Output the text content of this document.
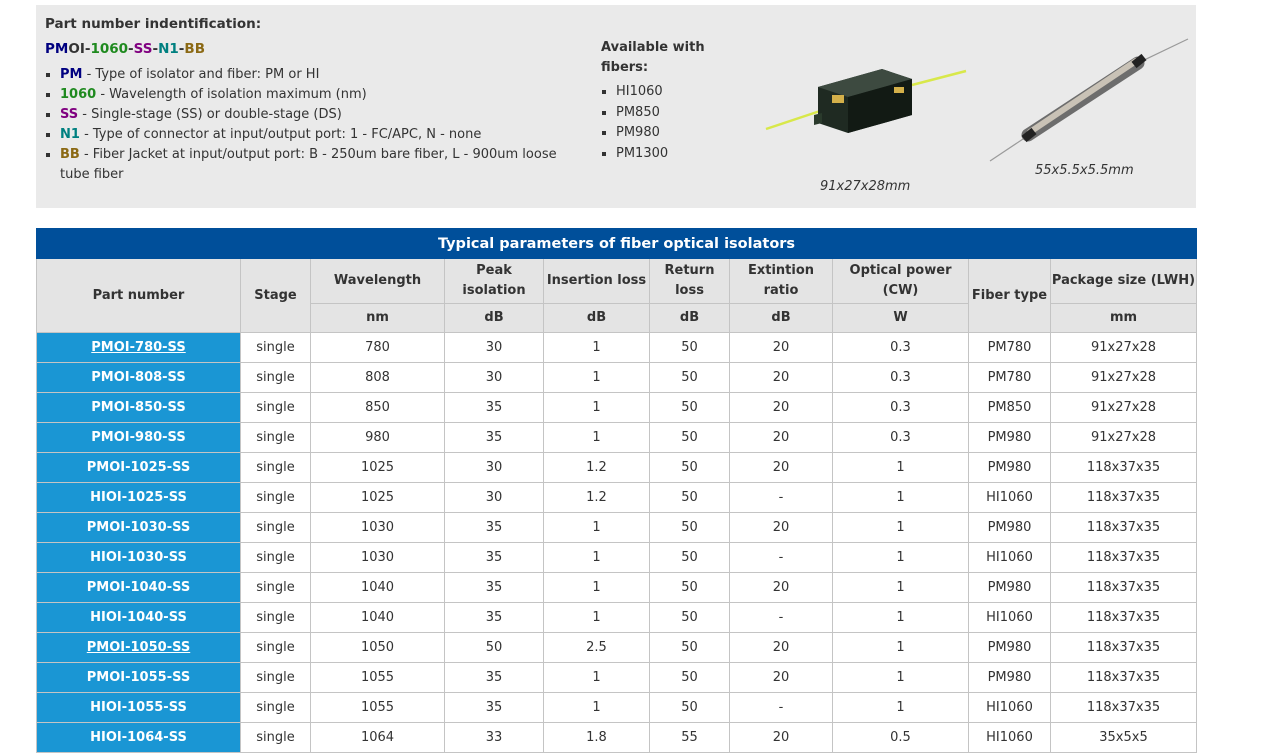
Part number indentification:
PMOI-1060-SS-N1-BB
PM - Type of isolator and fiber: PM or HI
1060 - Wavelength of isolation maximum (nm)
SS - Single-stage (SS) or double-stage (DS)
N1 - Type of connector at input/output port: 1 - FC/APC, N - none
BB - Fiber Jacket at input/output port: B - 250um bare fiber, L - 900um loose tube fiber
Available with fibers:
HI1060
PM850
PM980
PM1300
91x27x28mm
55x5.5x5.5mm
Typical parameters of fiber optical isolators									
Part number	Stage	Wavelength	Peak isolation	Insertion loss	Return loss	Extintion ratio	Optical power (CW)	Fiber type	Package size (LWH)
		nm	dB	dB	dB	dB	W		mm
PMOI-780-SS	single	780	30	1	50	20	0.3	PM780	91x27x28
PMOI-808-SS	single	808	30	1	50	20	0.3	PM780	91x27x28
PMOI-850-SS	single	850	35	1	50	20	0.3	PM850	91x27x28
PMOI-980-SS	single	980	35	1	50	20	0.3	PM980	91x27x28
PMOI-1025-SS	single	1025	30	1.2	50	20	1	PM980	118x37x35
HIOI-1025-SS	single	1025	30	1.2	50	-	1	HI1060	118x37x35
PMOI-1030-SS	single	1030	35	1	50	20	1	PM980	118x37x35
HIOI-1030-SS	single	1030	35	1	50	-	1	HI1060	118x37x35
PMOI-1040-SS	single	1040	35	1	50	20	1	PM980	118x37x35
HIOI-1040-SS	single	1040	35	1	50	-	1	HI1060	118x37x35
PMOI-1050-SS	single	1050	50	2.5	50	20	1	PM980	118x37x35
PMOI-1055-SS	single	1055	35	1	50	20	1	PM980	118x37x35
HIOI-1055-SS	single	1055	35	1	50	-	1	HI1060	118x37x35
HIOI-1064-SS	single	1064	33	1.8	55	20	0.5	HI1060	35x5x5
